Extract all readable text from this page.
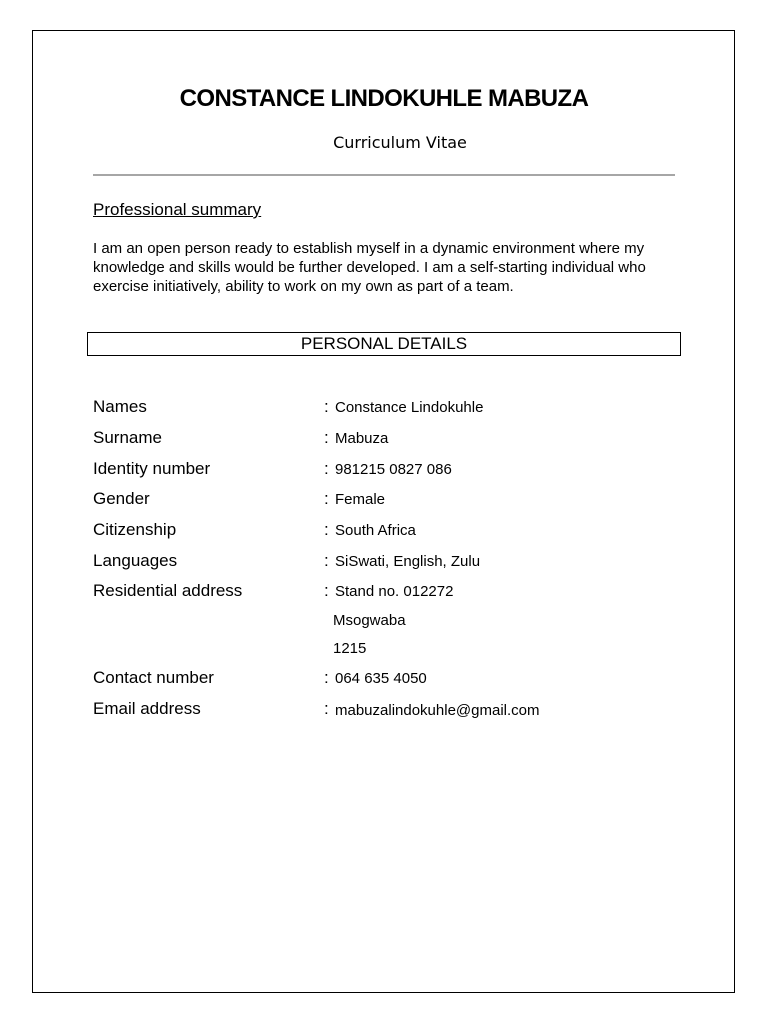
CONSTANCE LINDOKUHLE MABUZA
Curriculum Vitae
Professional summary
I am an open person ready to establish myself in a dynamic environment where my knowledge and skills would be further developed. I am a self-starting individual who exercise initiatively, ability to work on my own as part of a team.
PERSONAL DETAILS
Names	: Constance Lindokuhle
Surname	: Mabuza
Identity number	: 981215 0827 086
Gender	: Female
Citizenship	: South Africa
Languages	: SiSwati, English, Zulu
Residential address	: Stand no. 012272
Msogwaba
1215
Contact number	: 064 635 4050
Email address	: mabuzalindokuhle@gmail.com
